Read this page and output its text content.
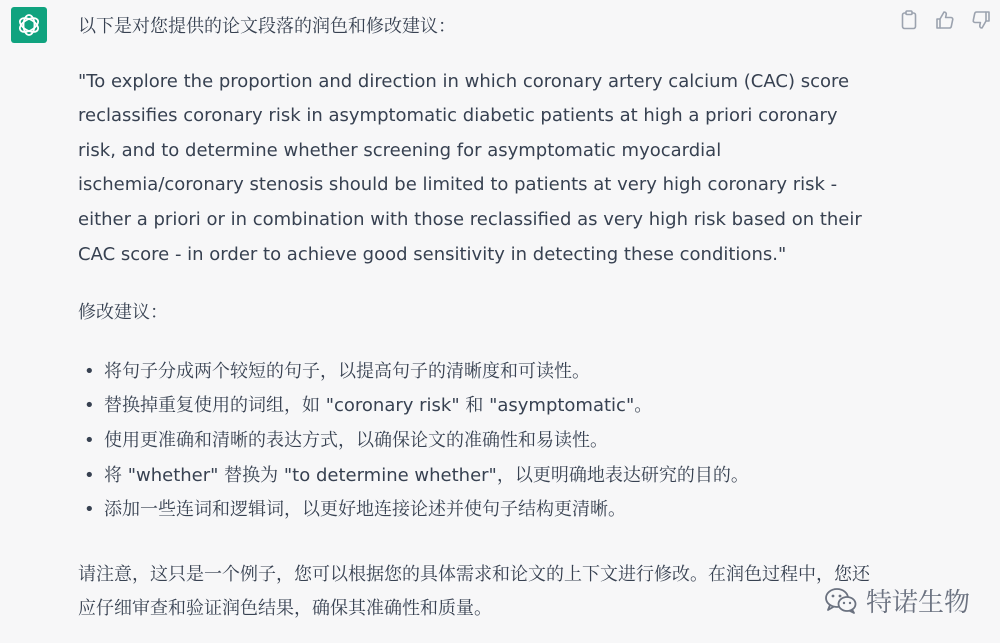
以下是对您提供的论文段落的润色和修改建议：

"To explore the proportion and direction in which coronary artery calcium (CAC) score reclassifies coronary risk in asymptomatic diabetic patients at high a priori coronary risk, and to determine whether screening for asymptomatic myocardial ischemia/coronary stenosis should be limited to patients at very high coronary risk - either a priori or in combination with those reclassified as very high risk based on their CAC score - in order to achieve good sensitivity in detecting these conditions."

修改建议：

• 将句子分成两个较短的句子，以提高句子的清晰度和可读性。
• 替换掉重复使用的词组，如 "coronary risk" 和 "asymptomatic"。
• 使用更准确和清晰的表达方式，以确保论文的准确性和易读性。
• 将 "whether" 替换为 "to determine whether"，以更明确地表达研究的目的。
• 添加一些连词和逻辑词，以更好地连接论述并使句子结构更清晰。

请注意，这只是一个例子，您可以根据您的具体需求和论文的上下文进行修改。在润色过程中，您还应仔细审查和验证润色结果，确保其准确性和质量。	特诺生物
